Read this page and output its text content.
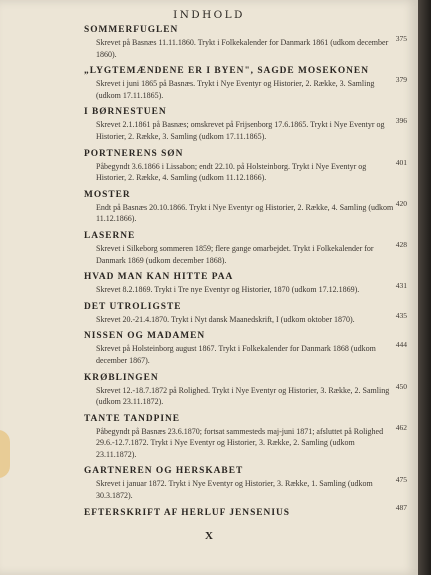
INDHOLD
SOMMERFUGLEN
Skrevet på Basnæs 11.11.1860. Trykt i Folkekalender for Danmark 1861 (udkom december 1860).
375
„LYGTEMÆNDENE ER I BYEN", SAGDE MOSEKONEN
Skrevet i juni 1865 på Basnæs. Trykt i Nye Eventyr og Historier, 2. Række, 3. Samling (udkom 17.11.1865).
379
I BØRNESTUEN
Skrevet 2.1.1861 på Basnæs; omskrevet på Frijsenborg 17.6.1865. Trykt i Nye Eventyr og Historier, 2. Række, 3. Samling (udkom 17.11.1865).
396
PORTNERENS SØN
Påbegyndt 3.6.1866 i Lissabon; endt 22.10. på Holsteinborg. Trykt i Nye Eventyr og Historier, 2. Række, 4. Samling (udkom 11.12.1866).
401
MOSTER
Endt på Basnæs 20.10.1866. Trykt i Nye Eventyr og Historier, 2. Række, 4. Samling (udkom 11.12.1866).
420
LASERNE
Skrevet i Silkeborg sommeren 1859; flere gange omarbejdet. Trykt i Folkekalender for Danmark 1869 (udkom december 1868).
428
HVAD MAN KAN HITTE PAA
Skrevet 8.2.1869. Trykt i Tre nye Eventyr og Historier, 1870 (udkom 17.12.1869).	431
DET UTROLIGSTE
Skrevet 20.-21.4.1870. Trykt i Nyt dansk Maanedskrift, I (udkom oktober 1870).	435
NISSEN OG MADAMEN
Skrevet på Holsteinborg august 1867. Trykt i Folkekalender for Danmark 1868 (udkom december 1867).
444
KRØBLINGEN
Skrevet 12.-18.7.1872 på Rolighed. Trykt i Nye Eventyr og Historier, 3. Række, 2. Samling (udkom 23.11.1872).
450
TANTE TANDPINE
Påbegyndt på Basnæs 23.6.1870; fortsat sammesteds maj-juni 1871; afsluttet på Rolighed 29.6.-12.7.1872. Trykt i Nye Eventyr og Historier, 3. Række, 2. Samling (udkom 23.11.1872).
462
GARTNEREN OG HERSKABET
Skrevet i januar 1872. Trykt i Nye Eventyr og Historier, 3. Række, 1. Samling (udkom 30.3.1872).
475
EFTERSKRIFT AF HERLUF JENSENIUS
487
X
